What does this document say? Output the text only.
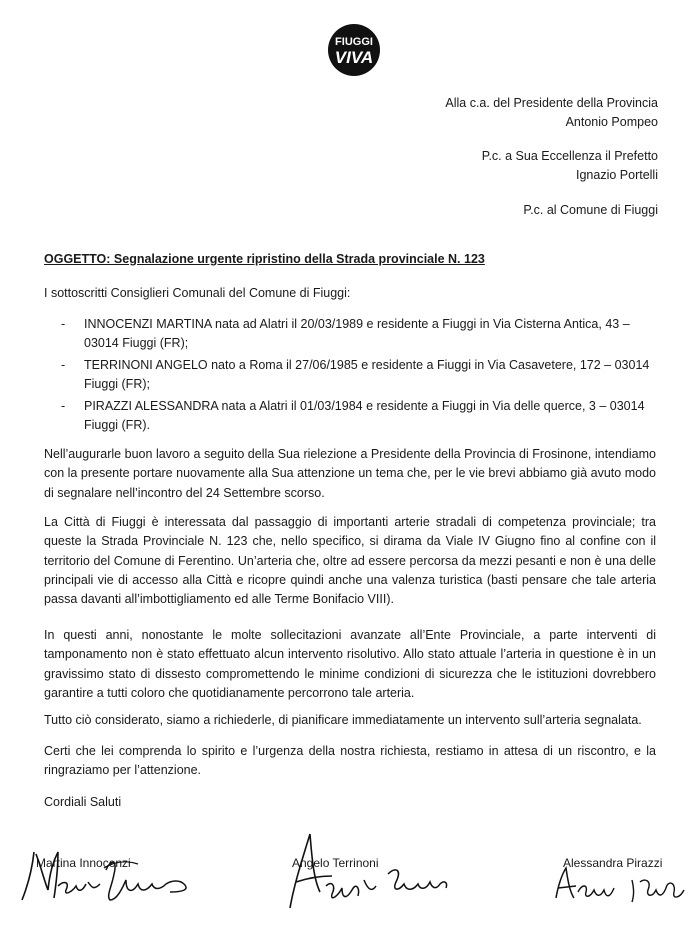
FIUGGI
VIVA
Alla c.a. del Presidente della Provincia
Antonio Pompeo
P.c. a Sua Eccellenza il Prefetto
Ignazio Portelli
P.c. al Comune di Fiuggi
OGGETTO: Segnalazione urgente ripristino della Strada provinciale N. 123

I sottoscritti Consiglieri Comunali del Comune di Fiuggi:

- INNOCENZI MARTINA nata ad Alatri il 20/03/1989 e residente a Fiuggi in Via Cisterna Antica, 43 – 03014 Fiuggi (FR);
- TERRINONI ANGELO nato a Roma il 27/06/1985 e residente a Fiuggi in Via Casavetere, 172 – 03014 Fiuggi (FR);
- PIRAZZI ALESSANDRA nata a Alatri il 01/03/1984 e residente a Fiuggi in Via delle querce, 3 – 03014 Fiuggi (FR).

Nell’augurarle buon lavoro a seguito della Sua rielezione a Presidente della Provincia di Frosinone, intendiamo con la presente portare nuovamente alla Sua attenzione un tema che, per le vie brevi abbiamo già avuto modo di segnalare nell’incontro del 24 Settembre scorso.

La Città di Fiuggi è interessata dal passaggio di importanti arterie stradali di competenza provinciale; tra queste la Strada Provinciale N. 123 che, nello specifico, si dirama da Viale IV Giugno fino al confine con il territorio del Comune di Ferentino. Un’arteria che, oltre ad essere percorsa da mezzi pesanti e non è una delle principali vie di accesso alla Città e ricopre quindi anche una valenza turistica (basti pensare che tale arteria passa davanti all’imbottigliamento ed alle Terme Bonifacio VIII).

In questi anni, nonostante le molte sollecitazioni avanzate all’Ente Provinciale, a parte interventi di tamponamento non è stato effettuato alcun intervento risolutivo. Allo stato attuale l’arteria in questione è in un gravissimo stato di dissesto compromettendo le minime condizioni di sicurezza che le istituzioni dovrebbero garantire a tutti coloro che quotidianamente percorrono tale arteria.

Tutto ciò considerato, siamo a richiederle, di pianificare immediatamente un intervento sull’arteria segnalata.

Certi che lei comprenda lo spirito e l’urgenza della nostra richiesta, restiamo in attesa di un riscontro, e la ringraziamo per l’attenzione.

Cordiali Saluti

Martina Innocenzi	Angelo Terrinoni	Alessandra Pirazzi
